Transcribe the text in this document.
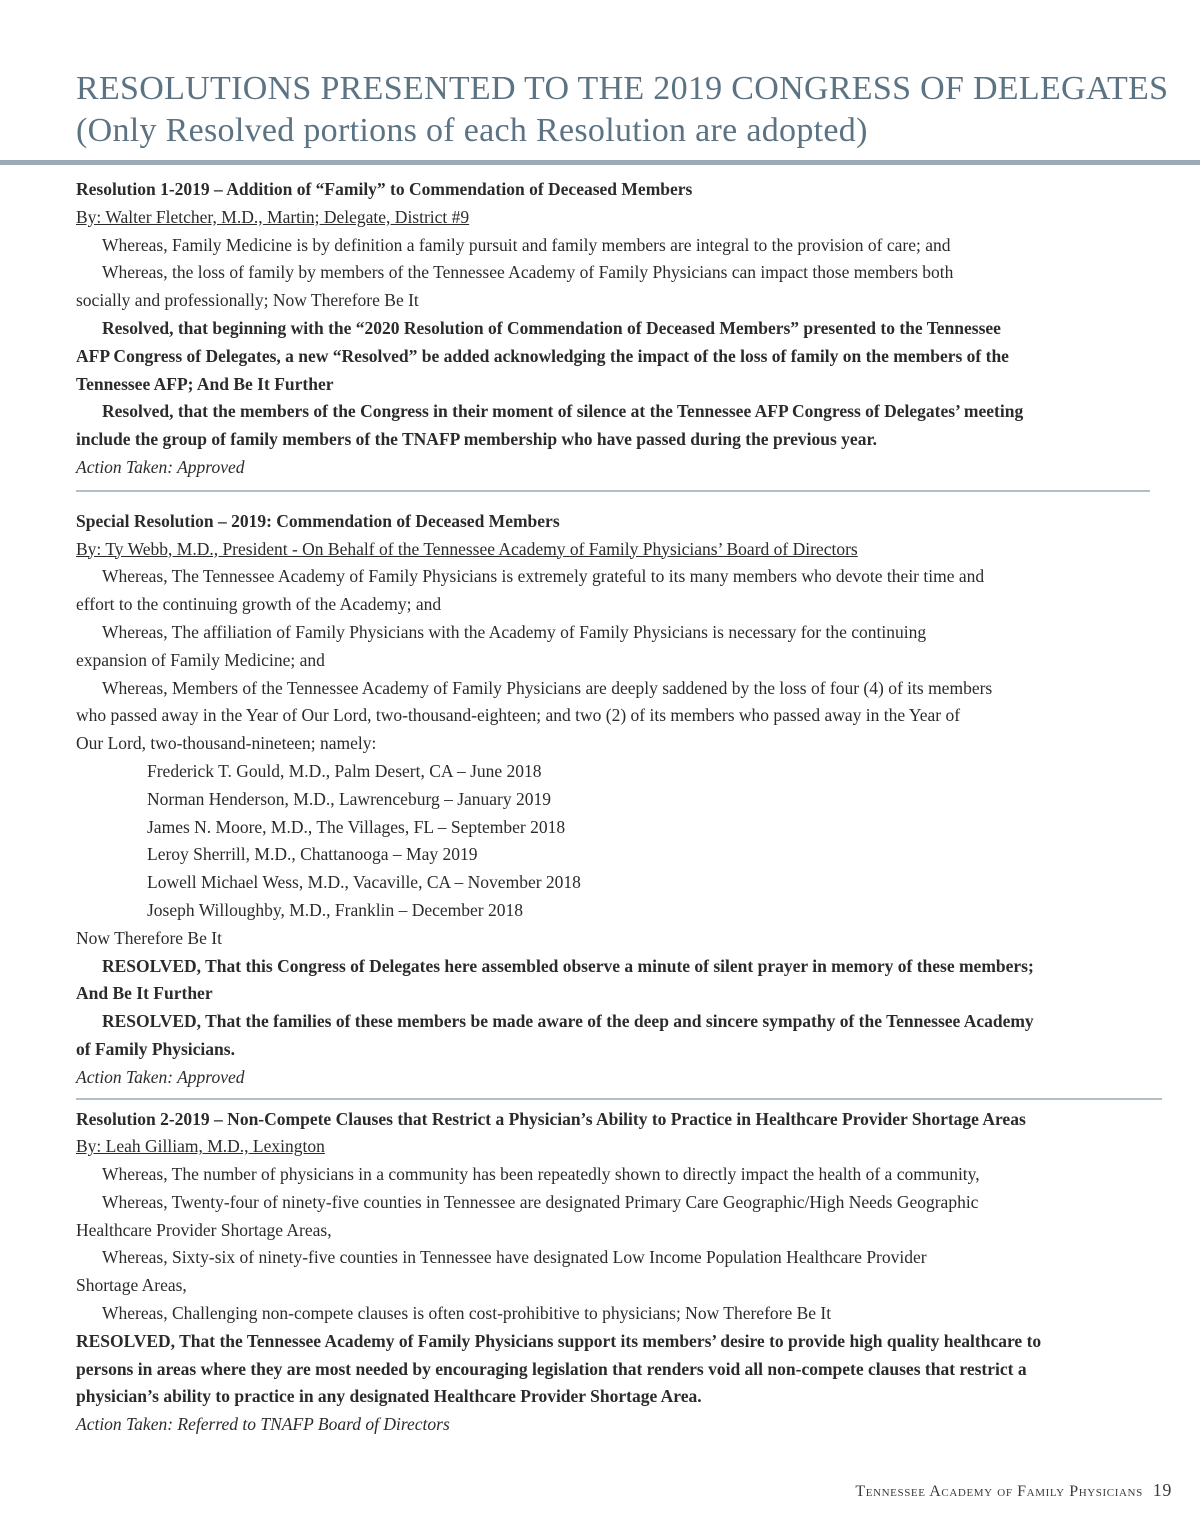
RESOLUTIONS PRESENTED TO THE 2019 CONGRESS OF DELEGATES

(Only Resolved portions of each Resolution are adopted)

Resolution 1-2019 – Addition of “Family” to Commendation of Deceased Members

By: Walter Fletcher, M.D., Martin; Delegate, District #9

Whereas, Family Medicine is by definition a family pursuit and family members are integral to the provision of care; and

Whereas, the loss of family by members of the Tennessee Academy of Family Physicians can impact those members both

socially and professionally; Now Therefore Be It

Resolved, that beginning with the “2020 Resolution of Commendation of Deceased Members” presented to the Tennessee

AFP Congress of Delegates, a new “Resolved” be added acknowledging the impact of the loss of family on the members of the

Tennessee AFP; And Be It Further

Resolved, that the members of the Congress in their moment of silence at the Tennessee AFP Congress of Delegates’ meeting

include the group of family members of the TNAFP membership who have passed during the previous year.

Action Taken: Approved

Special Resolution – 2019: Commendation of Deceased Members

By: Ty Webb, M.D., President - On Behalf of the Tennessee Academy of Family Physicians’ Board of Directors

Whereas, The Tennessee Academy of Family Physicians is extremely grateful to its many members who devote their time and

effort to the continuing growth of the Academy; and

Whereas, The affiliation of Family Physicians with the Academy of Family Physicians is necessary for the continuing

expansion of Family Medicine; and

Whereas, Members of the Tennessee Academy of Family Physicians are deeply saddened by the loss of four (4) of its members

who passed away in the Year of Our Lord, two-thousand-eighteen; and two (2) of its members who passed away in the Year of

Our Lord, two-thousand-nineteen; namely:

Frederick T. Gould, M.D., Palm Desert, CA – June 2018

Norman Henderson, M.D., Lawrenceburg – January 2019

James N. Moore, M.D., The Villages, FL – September 2018

Leroy Sherrill, M.D., Chattanooga – May 2019

Lowell Michael Wess, M.D., Vacaville, CA – November 2018

Joseph Willoughby, M.D., Franklin – December 2018

Now Therefore Be It

RESOLVED, That this Congress of Delegates here assembled observe a minute of silent prayer in memory of these members;

And Be It Further

RESOLVED, That the families of these members be made aware of the deep and sincere sympathy of the Tennessee Academy

of Family Physicians.

Action Taken: Approved

Resolution 2-2019 – Non-Compete Clauses that Restrict a Physician’s Ability to Practice in Healthcare Provider Shortage Areas

By: Leah Gilliam, M.D., Lexington

Whereas, The number of physicians in a community has been repeatedly shown to directly impact the health of a community,

Whereas, Twenty-four of ninety-five counties in Tennessee are designated Primary Care Geographic/High Needs Geographic

Healthcare Provider Shortage Areas,

Whereas, Sixty-six of ninety-five counties in Tennessee have designated Low Income Population Healthcare Provider

Shortage Areas,

Whereas, Challenging non-compete clauses is often cost-prohibitive to physicians; Now Therefore Be It

RESOLVED, That the Tennessee Academy of Family Physicians support its members’ desire to provide high quality healthcare to

persons in areas where they are most needed by encouraging legislation that renders void all non-compete clauses that restrict a

physician’s ability to practice in any designated Healthcare Provider Shortage Area.

Action Taken: Referred to TNAFP Board of Directors

Tennessee Academy of Family Physicians 19
